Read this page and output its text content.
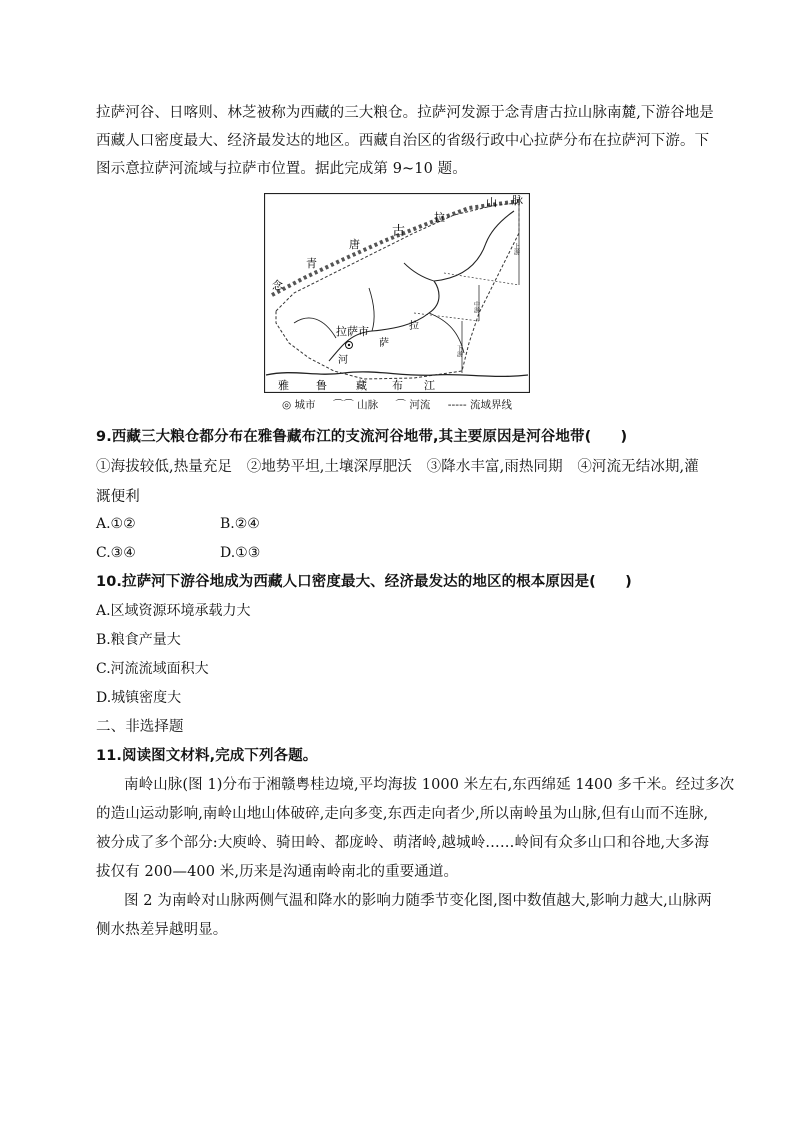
拉萨河谷、日喀则、林芝被称为西藏的三大粮仓。拉萨河发源于念青唐古拉山脉南麓,下游谷地是
西藏人口密度最大、经济最发达的地区。西藏自治区的省级行政中心拉萨分布在拉萨河下游。下
图示意拉萨河流域与拉萨市位置。据此完成第 9~10 题。
念
青
唐
古
拉
山 脉
拉萨市	拉
萨
河
雅 鲁	藏 布 江
上游
中游
下游
◎ 城市 ⌒⌒ 山脉 ⌒ 河流 ----- 流域界线
9.西藏三大粮仓都分布在雅鲁藏布江的支流河谷地带,其主要原因是河谷地带(　　)
①海拔较低,热量充足　②地势平坦,土壤深厚肥沃　③降水丰富,雨热同期　④河流无结冰期,灌
溉便利
A.①②	B.②④
C.③④	D.①③
10.拉萨河下游谷地成为西藏人口密度最大、经济最发达的地区的根本原因是(　　)
A.区域资源环境承载力大
B.粮食产量大
C.河流流域面积大
D.城镇密度大
二、非选择题
11.阅读图文材料,完成下列各题。
南岭山脉(图 1)分布于湘赣粤桂边境,平均海拔 1000 米左右,东西绵延 1400 多千米。经过多次
的造山运动影响,南岭山地山体破碎,走向多变,东西走向者少,所以南岭虽为山脉,但有山而不连脉,
被分成了多个部分:大庾岭、骑田岭、都庞岭、萌渚岭,越城岭……岭间有众多山口和谷地,大多海
拔仅有 200—400 米,历来是沟通南岭南北的重要通道。
图 2 为南岭对山脉两侧气温和降水的影响力随季节变化图,图中数值越大,影响力越大,山脉两
侧水热差异越明显。
